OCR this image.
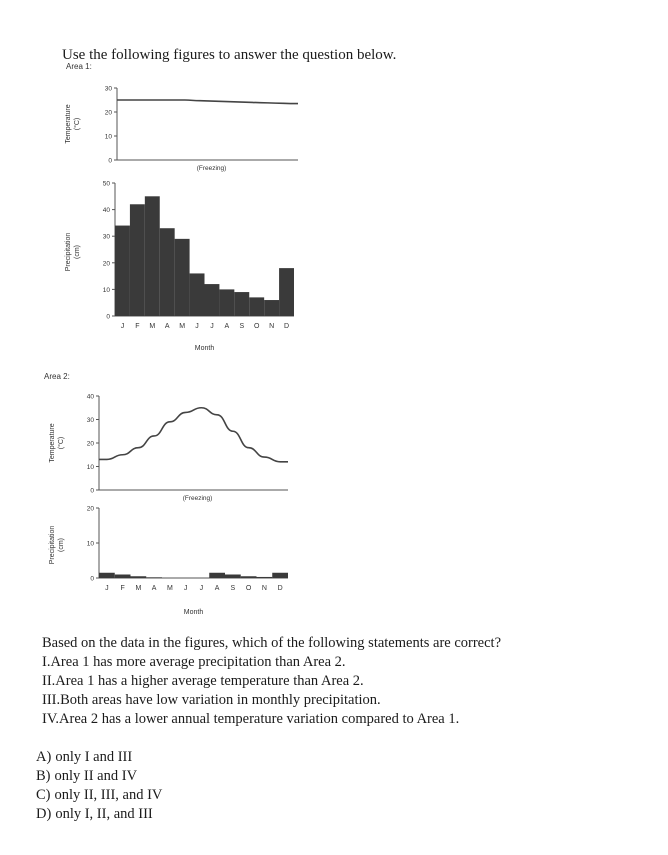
Use the following figures to answer the question below.
Area 1:
Area 2:
30
20
10
0
Temperature (°C)
(Freezing)
50
40
30
20
10
0
Precipitation (cm)
J F M A M J J A S O N D
Month
40
30
20
10
0
Temperature (°C)
(Freezing)
20
10
0
Precipitation (cm)
J F M A M J J A S O N D
Month
Based on the data in the figures, which of the following statements are correct?
I.Area 1 has more average precipitation than Area 2.
II.Area 1 has a higher average temperature than Area 2.
III.Both areas have low variation in monthly precipitation.
IV.Area 2 has a lower annual temperature variation compared to Area 1.
A) only I and III
B) only II and IV
C) only II, III, and IV
D) only I, II, and III
